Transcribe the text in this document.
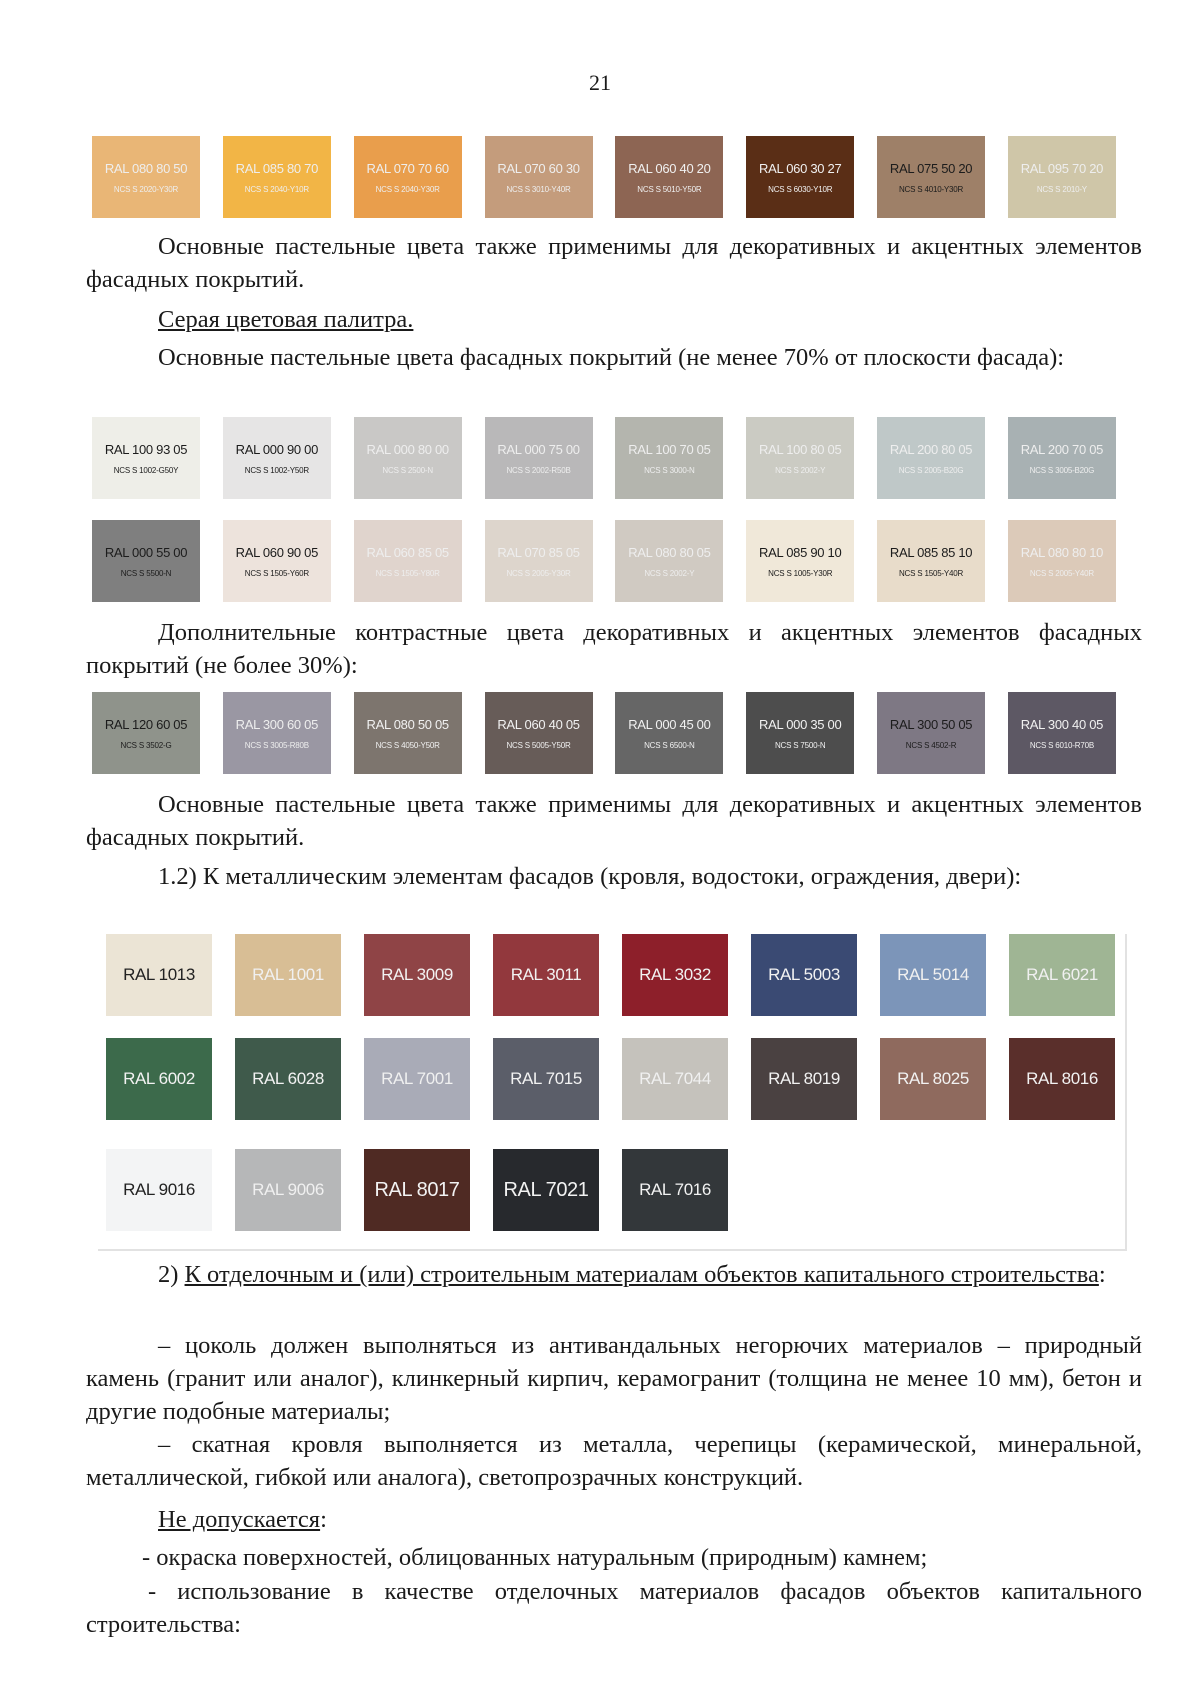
21
RAL 080 80 50
NCS S 2020-Y30R
RAL 085 80 70
NCS S 2040-Y10R
RAL 070 70 60
NCS S 2040-Y30R
RAL 070 60 30
NCS S 3010-Y40R
RAL 060 40 20
NCS S 5010-Y50R
RAL 060 30 27
NCS S 6030-Y10R
RAL 075 50 20
NCS S 4010-Y30R
RAL 095 70 20
NCS S 2010-Y

Основные пастельные цвета также применимы для декоративных и акцентных элементов фасадных покрытий.

Серая цветовая палитра.

Основные пастельные цвета фасадных покрытий (не менее 70% от плоскости фасада):

RAL 100 93 05
NCS S 1002-G50Y
RAL 000 90 00
NCS S 1002-Y50R
RAL 000 80 00
NCS S 2500-N
RAL 000 75 00
NCS S 2002-R50B
RAL 100 70 05
NCS S 3000-N
RAL 100 80 05
NCS S 2002-Y
RAL 200 80 05
NCS S 2005-B20G
RAL 200 70 05
NCS S 3005-B20G
RAL 000 55 00
NCS S 5500-N
RAL 060 90 05
NCS S 1505-Y60R
RAL 060 85 05
NCS S 1505-Y80R
RAL 070 85 05
NCS S 2005-Y30R
RAL 080 80 05
NCS S 2002-Y
RAL 085 90 10
NCS S 1005-Y30R
RAL 085 85 10
NCS S 1505-Y40R
RAL 080 80 10
NCS S 2005-Y40R

Дополнительные контрастные цвета декоративных и акцентных элементов фасадных покрытий (не более 30%):

RAL 120 60 05
NCS S 3502-G
RAL 300 60 05
NCS S 3005-R80B
RAL 080 50 05
NCS S 4050-Y50R
RAL 060 40 05
NCS S 5005-Y50R
RAL 000 45 00
NCS S 6500-N
RAL 000 35 00
NCS S 7500-N
RAL 300 50 05
NCS S 4502-R
RAL 300 40 05
NCS S 6010-R70B

Основные пастельные цвета также применимы для декоративных и акцентных элементов фасадных покрытий.

1.2) К металлическим элементам фасадов (кровля, водостоки, ограждения, двери):

RAL 1013	RAL 1001	RAL 3009	RAL 3011	RAL 3032	RAL 5003	RAL 5014	RAL 6021
RAL 6002	RAL 6028	RAL 7001	RAL 7015	RAL 7044	RAL 8019	RAL 8025	RAL 8016
RAL 9016	RAL 9006	RAL 8017	RAL 7021	RAL 7016

2) К отделочным и (или) строительным материалам объектов капитального строительства:

– цоколь должен выполняться из антивандальных негорючих материалов – природный камень (гранит или аналог), клинкерный кирпич, керамогранит (толщина не менее 10 мм), бетон и другие подобные материалы;

– скатная кровля выполняется из металла, черепицы (керамической, минеральной, металлической, гибкой или аналога), светопрозрачных конструкций.

Не допускается:

- окраска поверхностей, облицованных натуральным (природным) камнем;

- использование в качестве отделочных материалов фасадов объектов капитального строительства:
